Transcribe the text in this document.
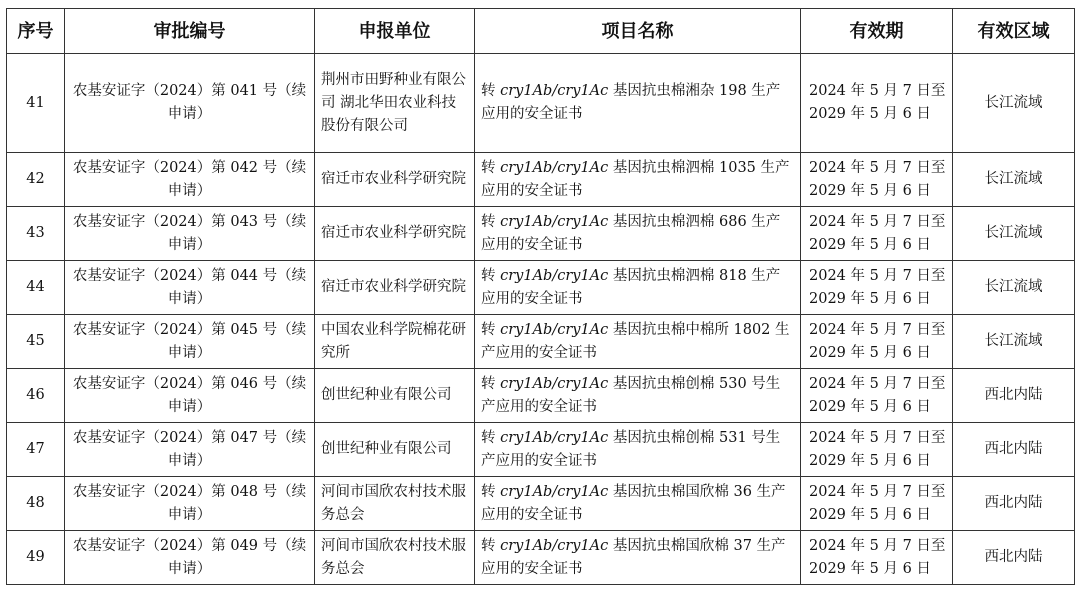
序号	审批编号	申报单位	项目名称	有效期	有效区域
41	农基安证字（2024）第 041 号（续申请）	荆州市田野种业有限公司 湖北华田农业科技股份有限公司	转 cry1Ab/cry1Ac 基因抗虫棉湘杂 198 生产应用的安全证书	2024 年 5 月 7 日至 2029 年 5 月 6 日	长江流域
42	农基安证字（2024）第 042 号（续申请）	宿迁市农业科学研究院	转 cry1Ab/cry1Ac 基因抗虫棉泗棉 1035 生产应用的安全证书	2024 年 5 月 7 日至 2029 年 5 月 6 日	长江流域
43	农基安证字（2024）第 043 号（续申请）	宿迁市农业科学研究院	转 cry1Ab/cry1Ac 基因抗虫棉泗棉 686 生产应用的安全证书	2024 年 5 月 7 日至 2029 年 5 月 6 日	长江流域
44	农基安证字（2024）第 044 号（续申请）	宿迁市农业科学研究院	转 cry1Ab/cry1Ac 基因抗虫棉泗棉 818 生产应用的安全证书	2024 年 5 月 7 日至 2029 年 5 月 6 日	长江流域
45	农基安证字（2024）第 045 号（续申请）	中国农业科学院棉花研究所	转 cry1Ab/cry1Ac 基因抗虫棉中棉所 1802 生产应用的安全证书	2024 年 5 月 7 日至 2029 年 5 月 6 日	长江流域
46	农基安证字（2024）第 046 号（续申请）	创世纪种业有限公司	转 cry1Ab/cry1Ac 基因抗虫棉创棉 530 号生产应用的安全证书	2024 年 5 月 7 日至 2029 年 5 月 6 日	西北内陆
47	农基安证字（2024）第 047 号（续申请）	创世纪种业有限公司	转 cry1Ab/cry1Ac 基因抗虫棉创棉 531 号生产应用的安全证书	2024 年 5 月 7 日至 2029 年 5 月 6 日	西北内陆
48	农基安证字（2024）第 048 号（续申请）	河间市国欣农村技术服务总会	转 cry1Ab/cry1Ac 基因抗虫棉国欣棉 36 生产应用的安全证书	2024 年 5 月 7 日至 2029 年 5 月 6 日	西北内陆
49	农基安证字（2024）第 049 号（续申请）	河间市国欣农村技术服务总会	转 cry1Ab/cry1Ac 基因抗虫棉国欣棉 37 生产应用的安全证书	2024 年 5 月 7 日至 2029 年 5 月 6 日	西北内陆
